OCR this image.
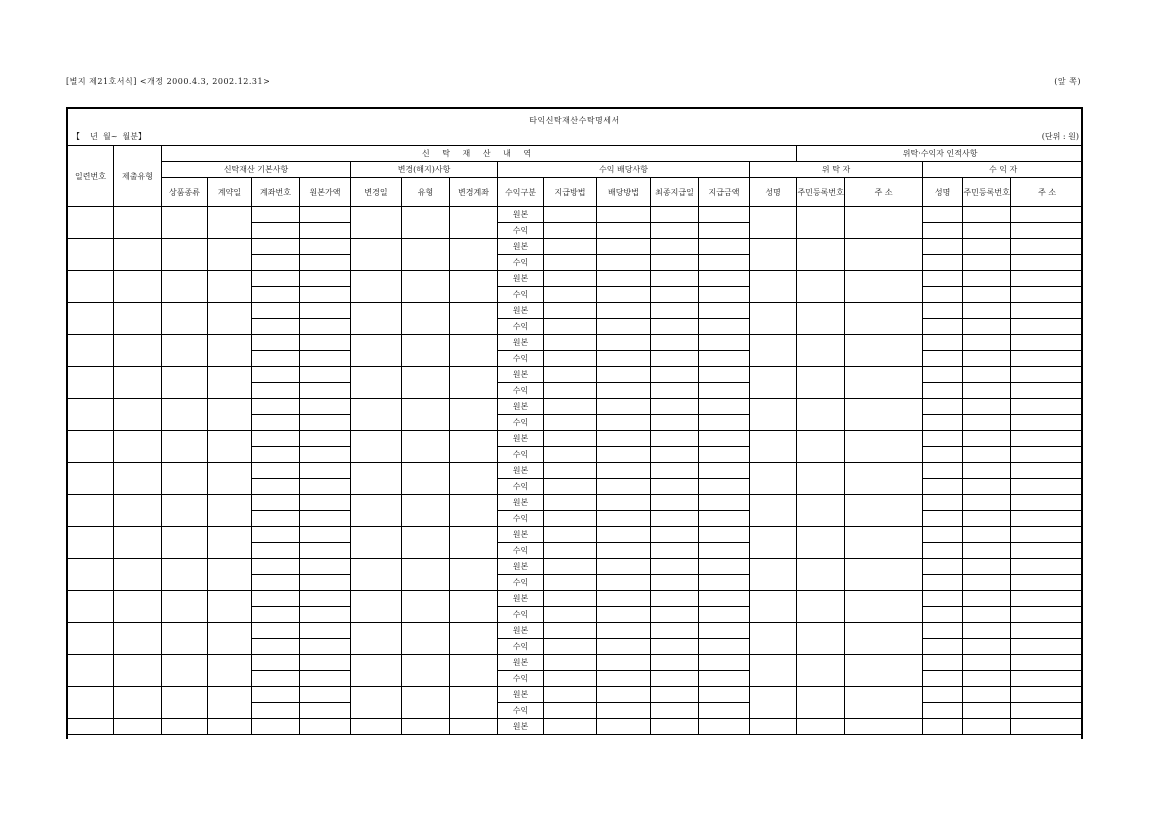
[별지 제21호서식] <개정 2000.4.3, 2002.12.31>	(앞 쪽)
타익신탁재산수탁명세서
【    년  월~  월분】	(단위 : 원)
일련번호	제출유형	신 탁 재 산 내 역													위탁·수익자 인적사항				
		신탁재산 기본사항				변경(해지)사항			수익 배당사항					위 탁 자			수 익 자		
		상품종류	계약일	계좌번호	원본가액	변경일	유형	변경계좌	수익구분	지급방법	배당방법	최종지급일	지급금액	성명	주민등록번호	주 소	성명	주민등록번호	주 소
									원본										
									수익										
									원본										
									수익										
									원본										
									수익										
									원본										
									수익										
									원본										
									수익										
									원본										
									수익										
									원본										
									수익										
									원본										
									수익										
									원본										
									수익										
									원본										
									수익										
									원본										
									수익										
									원본										
									수익										
									원본										
									수익										
									원본										
									수익										
									원본										
									수익										
									원본										
									수익										
									원본										
